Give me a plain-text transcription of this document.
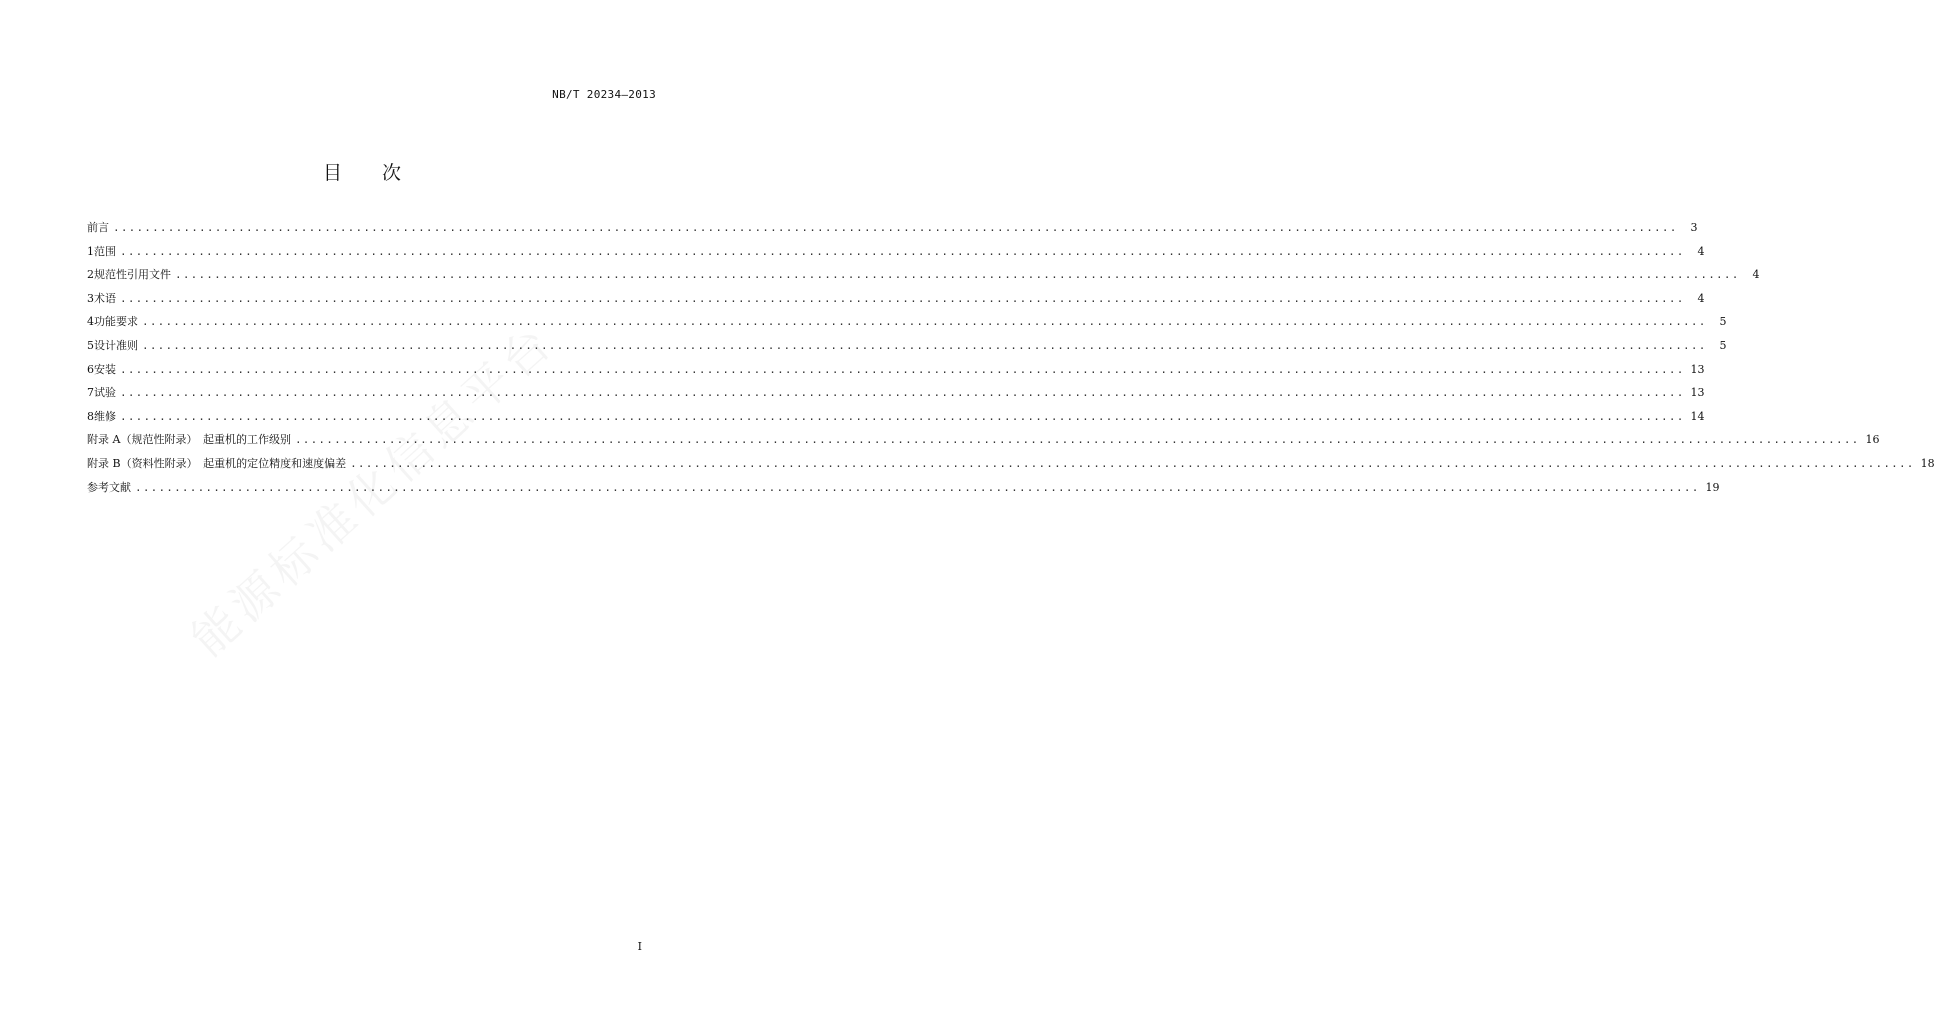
NB/T 20234—2013
目 次
前言 ........................................................................................................................................................................................................	3
1 范围 ........................................................................................................................................................................................................	4
2 规范性引用文件 ........................................................................................................................................................................................................	4
3 术语 ........................................................................................................................................................................................................	4
4 功能要求 ........................................................................................................................................................................................................	5
5 设计准则 ........................................................................................................................................................................................................	5
6 安装 ........................................................................................................................................................................................................ 13
7 试验 ........................................................................................................................................................................................................ 13
8 维修 ........................................................................................................................................................................................................ 14
附录 A（规范性附录）　起重机的工作级别 ........................................................................................................................................................................................................ 16
附录 B（资料性附录）　起重机的定位精度和速度偏差 ........................................................................................................................................................................................................ 18
参考文献 ........................................................................................................................................................................................................ 19
I
